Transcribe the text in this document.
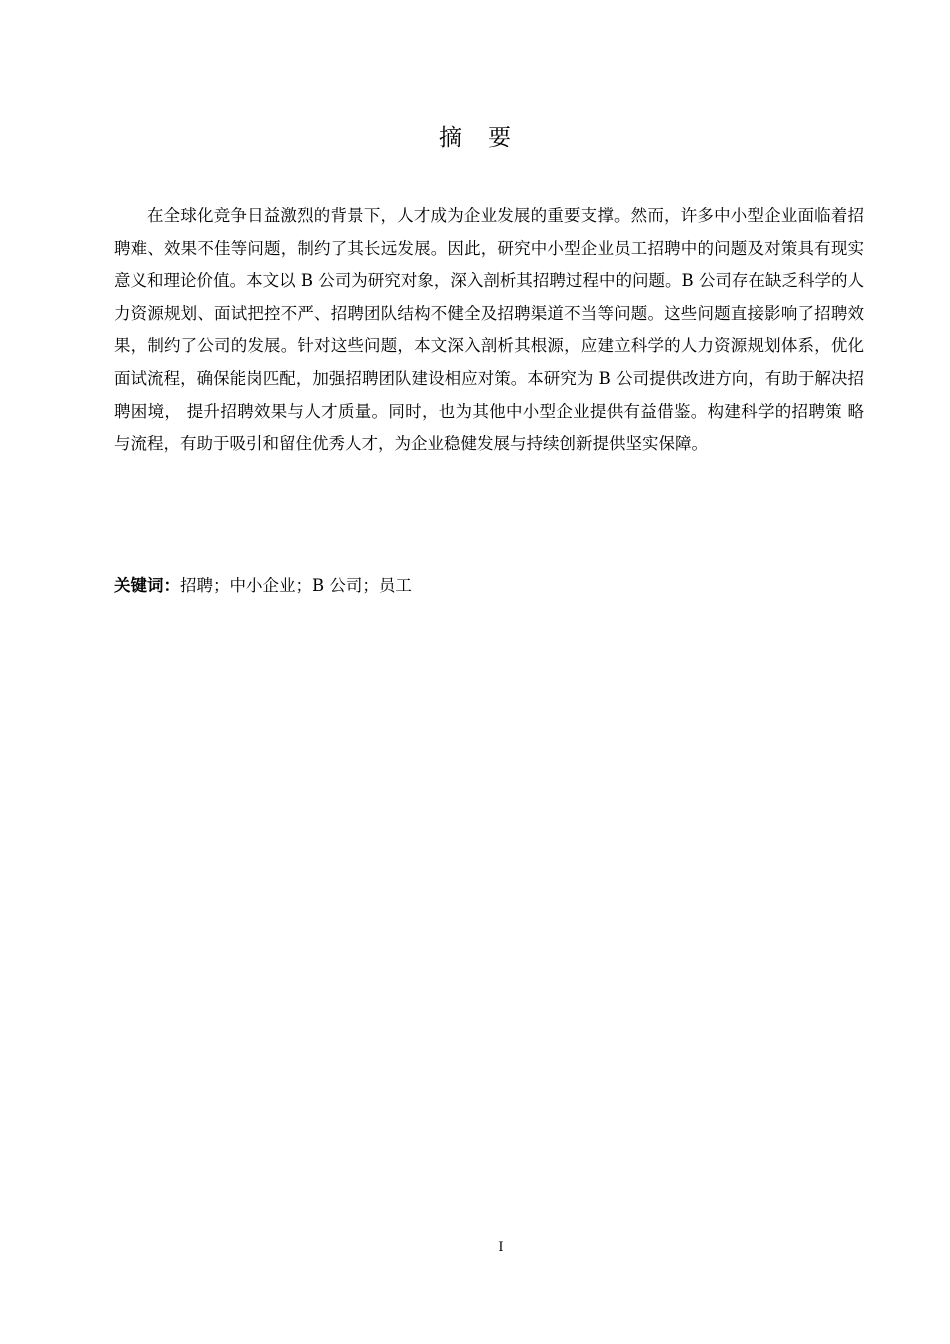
摘 要

在全球化竞争日益激烈的背景下，人才成为企业发展的重要支撑。然而，许多中小型企业面临着招聘难、效果不佳等问题，制约了其长远发展。因此，研究中小型企业员工招聘中的问题及对策具有现实意义和理论价值。本文以 B 公司为研究对象，深入剖析其招聘过程中的问题。B 公司存在缺乏科学的人力资源规划、面试把控不严、招聘团队结构不健全及招聘渠道不当等问题。这些问题直接影响了招聘效果，制约了公司的发展。针对这些问题，本文深入剖析其根源，应建立科学的人力资源规划体系，优化面试流程，确保能岗匹配，加强招聘团队建设相应对策。本研究为 B 公司提供改进方向，有助于解决招聘困境， 提升招聘效果与人才质量。同时，也为其他中小型企业提供有益借鉴。构建科学的招聘策 略与流程，有助于吸引和留住优秀人才，为企业稳健发展与持续创新提供坚实保障。

关键词：招聘；中小企业；B 公司；员工

I
